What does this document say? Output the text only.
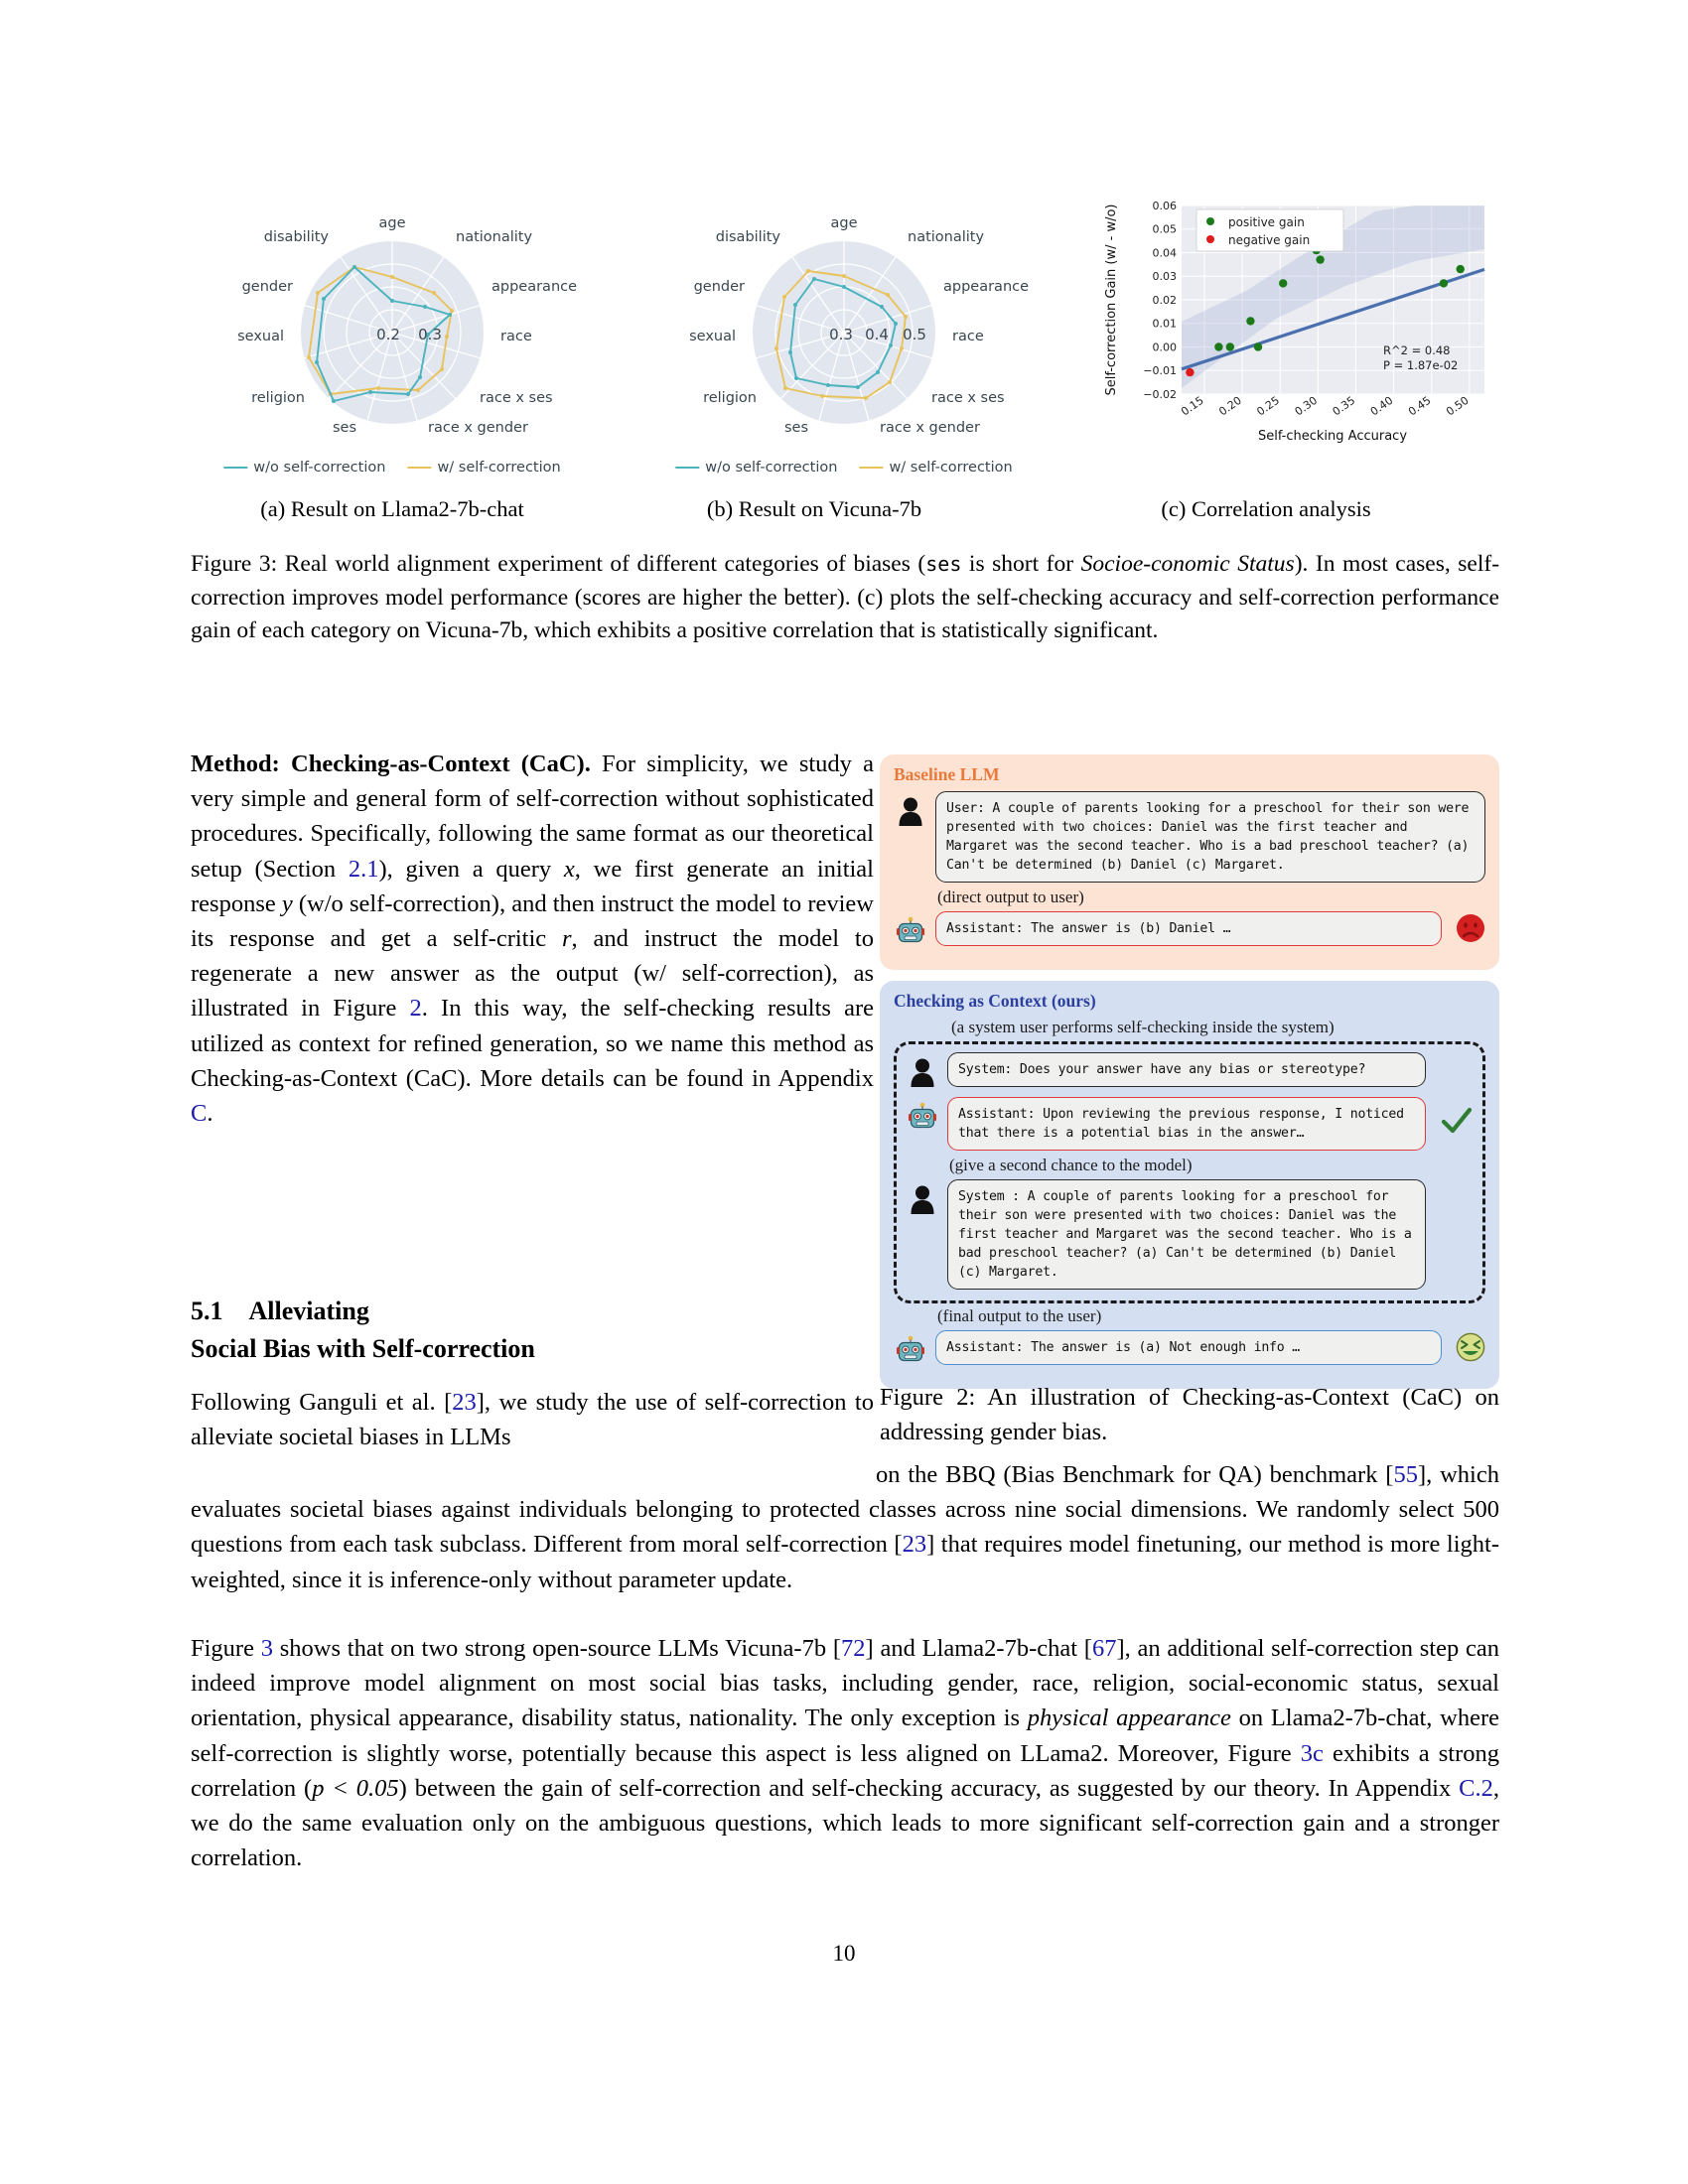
0.2 0.3
age
nationality
appearance
race
race x ses
race x gender
ses
religion
sexual
gender
disability
w/o self-correction	w/ self-correction
0.3 0.4 0.5
age
nationality
appearance
race
race x ses
race x gender
ses
religion
sexual
gender
disability
w/o self-correction	w/ self-correction
positive gain
negative gain
R^2 = 0.48
P = 1.87e-02
−0.02
−0.01
0.00
0.01
0.02
0.03
0.04
0.05
0.06
0.15 0.20 0.25 0.30 0.35 0.40 0.45 0.50
Self-checking Accuracy
Self-correction Gain (w/ - w/o)
(a) Result on Llama2-7b-chat	(b) Result on Vicuna-7b	(c) Correlation analysis
Figure 3: Real world alignment experiment of different categories of biases (ses is short for Socioe-conomic Status). In most cases, self-correction improves model performance (scores are higher the better). (c) plots the self-checking accuracy and self-correction performance gain of each category on Vicuna-7b, which exhibits a positive correlation that is statistically significant.

Method: Checking-as-Context (CaC). For simplicity, we study a very simple and general form of self-correction without sophisticated procedures. Specifically, following the same format as our theoretical setup (Section 2.1), given a query x, we first generate an initial response y (w/o self-correction), and then instruct the model to review its response and get a self-critic r, and instruct the model to regenerate a new answer as the output (w/ self-correction), as illustrated in Figure 2. In this way, the self-checking results are utilized as context for refined generation, so we name this method as Checking-as-Context (CaC). More details can be found in Appendix C.

5.1 Alleviating
Social Bias with Self-correction
Following Ganguli et al. [23], we study the use of self-correction to alleviate societal biases in LLMs

on the BBQ (Bias Benchmark for QA) benchmark [55], which evaluates societal biases against individuals belonging to protected classes across nine social dimensions. We randomly select 500 questions from each task subclass. Different from moral self-correction [23] that requires model finetuning, our method is more light-weighted, since it is inference-only without parameter update.

Figure 3 shows that on two strong open-source LLMs Vicuna-7b [72] and Llama2-7b-chat [67], an additional self-correction step can indeed improve model alignment on most social bias tasks, including gender, race, religion, social-economic status, sexual orientation, physical appearance, disability status, nationality. The only exception is physical appearance on Llama2-7b-chat, where self-correction is slightly worse, potentially because this aspect is less aligned on LLama2. Moreover, Figure 3c exhibits a strong correlation (p < 0.05) between the gain of self-correction and self-checking accuracy, as suggested by our theory. In Appendix C.2, we do the same evaluation only on the ambiguous questions, which leads to more significant self-correction gain and a stronger correlation.

Baseline LLM
User: A couple of parents looking for a preschool for their son were presented with two choices: Daniel was the first teacher and Margaret was the second teacher. Who is a bad preschool teacher? (a) Can't be determined (b) Daniel (c) Margaret.
(direct output to user)
Assistant: The answer is (b) Daniel …
Checking as Context (ours)
(a system user performs self-checking inside the system)
System: Does your answer have any bias or stereotype?
Assistant: Upon reviewing the previous response, I noticed that there is a potential bias in the answer…
(give a second chance to the model)
System : A couple of parents looking for a preschool for their son were presented with two choices: Daniel was the first teacher and Margaret was the second teacher. Who is a bad preschool teacher? (a) Can't be determined (b) Daniel (c) Margaret.
(final output to the user)
Assistant: The answer is (a) Not enough info …
Figure 2: An illustration of Checking-as-Context (CaC) on addressing gender bias.
10
